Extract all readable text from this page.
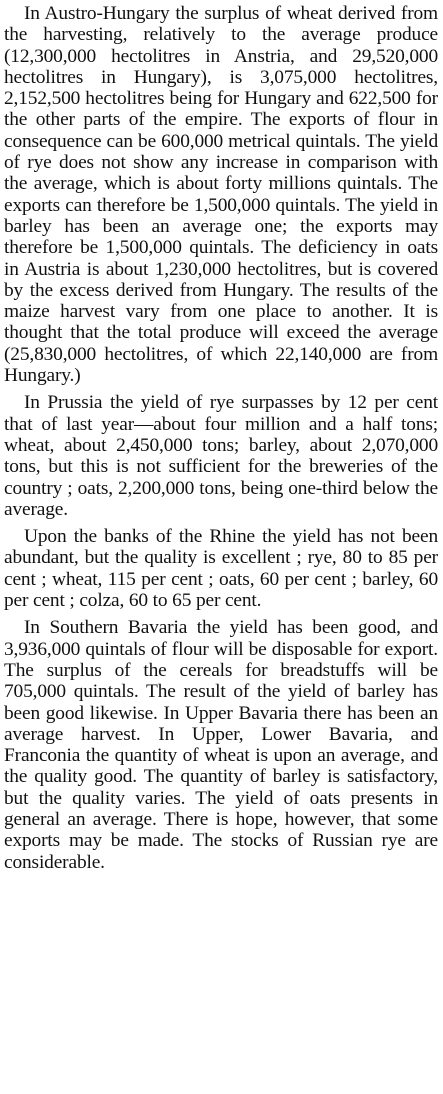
In Austro-Hungary the surplus of wheat derived from the harvesting, relatively to the average produce (12,300,000 hectolitres in Anstria, and 29,520,000 hectolitres in Hungary), is 3,075,000 hectolitres, 2,152,500 hectolitres being for Hungary and 622,500 for the other parts of the empire. The exports of flour in consequence can be 600,000 metrical quintals. The yield of rye does not show any increase in comparison with the average, which is about forty millions quintals. The exports can therefore be 1,500,000 quintals. The yield in barley has been an average one; the exports may therefore be 1,500,000 quintals. The deficiency in oats in Austria is about 1,230,000 hectolitres, but is covered by the excess derived from Hungary. The results of the maize harvest vary from one place to another. It is thought that the total produce will exceed the average (25,830,000 hectolitres, of which 22,140,000 are from Hungary.)

In Prussia the yield of rye surpasses by 12 per cent that of last year—about four million and a half tons; wheat, about 2,450,000 tons; barley, about 2,070,000 tons, but this is not sufficient for the breweries of the country ; oats, 2,200,000 tons, being one-third below the average.

Upon the banks of the Rhine the yield has not been abundant, but the quality is excellent ; rye, 80 to 85 per cent ; wheat, 115 per cent ; oats, 60 per cent ; barley, 60 per cent ; colza, 60 to 65 per cent.

In Southern Bavaria the yield has been good, and 3,936,000 quintals of flour will be disposable for export. The surplus of the cereals for breadstuffs will be 705,000 quintals. The result of the yield of barley has been good likewise. In Upper Bavaria there has been an average harvest. In Upper, Lower Bavaria, and Franconia the quantity of wheat is upon an average, and the quality good. The quantity of barley is satisfactory, but the quality varies. The yield of oats presents in general an average. There is hope, however, that some exports may be made. The stocks of Russian rye are considerable.
